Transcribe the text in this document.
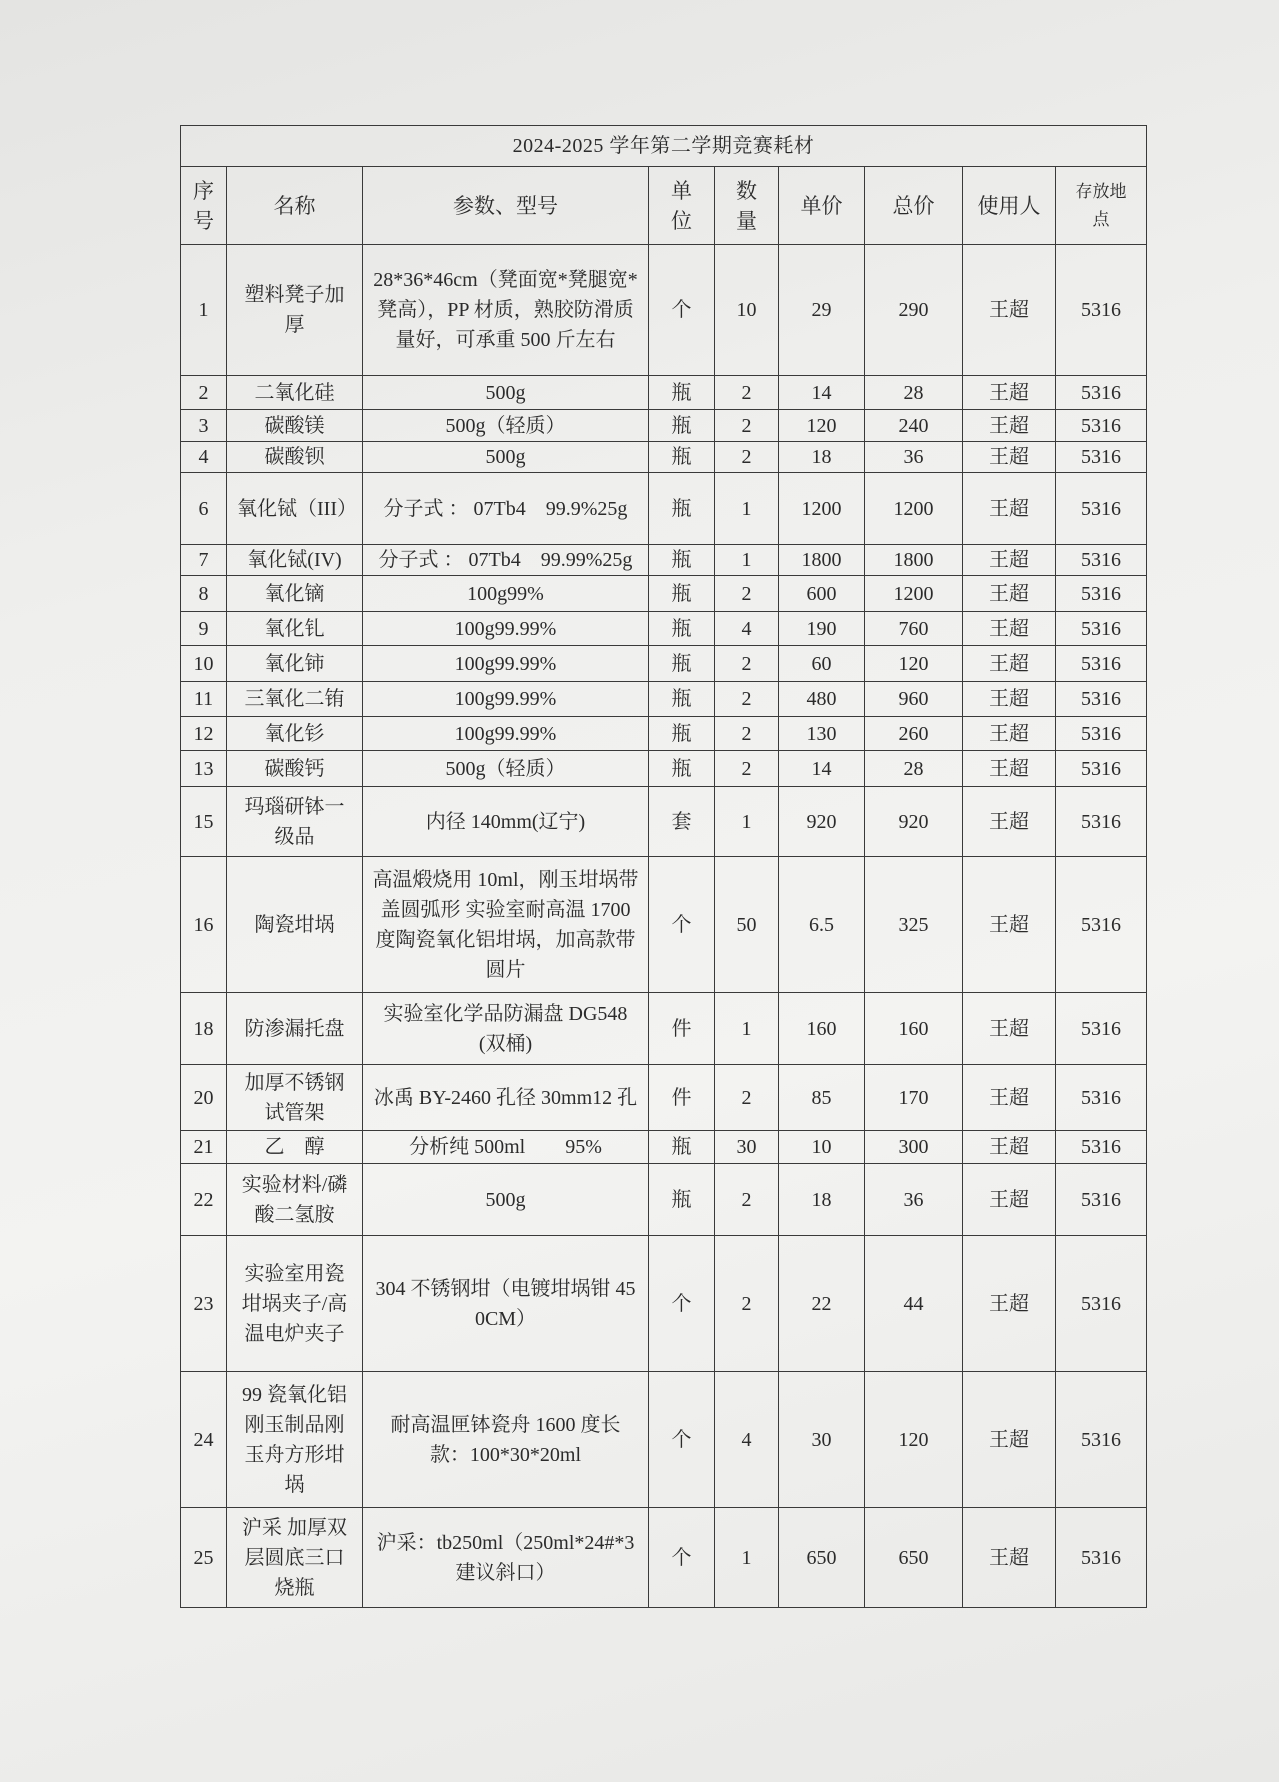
2024-2025 学年第二学期竞赛耗材								
序号	名称	参数、型号	单位	数量	单价	总价	使用人	存放地点
1	塑料凳子加厚	28*36*46cm（凳面宽*凳腿宽*凳高），PP 材质，熟胶防滑质量好，可承重 500 斤左右	个	10	29	290	王超	5316
2	二氧化硅	500g	瓶	2	14	28	王超	5316
3	碳酸镁	500g（轻质）	瓶	2	120	240	王超	5316
4	碳酸钡	500g	瓶	2	18	36	王超	5316
6	氧化铽（III）	分子式 ： 07Tb4　99.9%25g	瓶	1	1200	1200	王超	5316
7	氧化铽(IV)	分子式 ： 07Tb4　99.99%25g	瓶	1	1800	1800	王超	5316
8	氧化镝	100g99%	瓶	2	600	1200	王超	5316
9	氧化钆	100g99.99%	瓶	4	190	760	王超	5316
10	氧化铈	100g99.99%	瓶	2	60	120	王超	5316
11	三氧化二铕	100g99.99%	瓶	2	480	960	王超	5316
12	氧化钐	100g99.99%	瓶	2	130	260	王超	5316
13	碳酸钙	500g（轻质）	瓶	2	14	28	王超	5316
15	玛瑙研钵一级品	内径 140mm(辽宁)	套	1	920	920	王超	5316
16	陶瓷坩埚	高温煅烧用 10ml，刚玉坩埚带盖圆弧形 实验室耐高温 1700 度陶瓷氧化铝坩埚，加高款带圆片	个	50	6.5	325	王超	5316
18	防渗漏托盘	实验室化学品防漏盘 DG548(双桶)	件	1	160	160	王超	5316
20	加厚不锈钢试管架	冰禹 BY-2460 孔径 30mm12 孔	件	2	85	170	王超	5316
21	乙　醇	分析纯 500ml　　95%	瓶	30	10	300	王超	5316
22	实验材料/磷酸二氢胺	500g	瓶	2	18	36	王超	5316
23	实验室用瓷坩埚夹子/高温电炉夹子	304 不锈钢坩（电镀坩埚钳 450CM）	个	2	22	44	王超	5316
24	99 瓷氧化铝刚玉制品刚玉舟方形坩埚	耐高温匣钵瓷舟 1600 度长款：100*30*20ml	个	4	30	120	王超	5316
25	沪采 加厚双层圆底三口烧瓶	沪采：tb250ml（250ml*24#*3 建议斜口）	个	1	650	650	王超	5316
